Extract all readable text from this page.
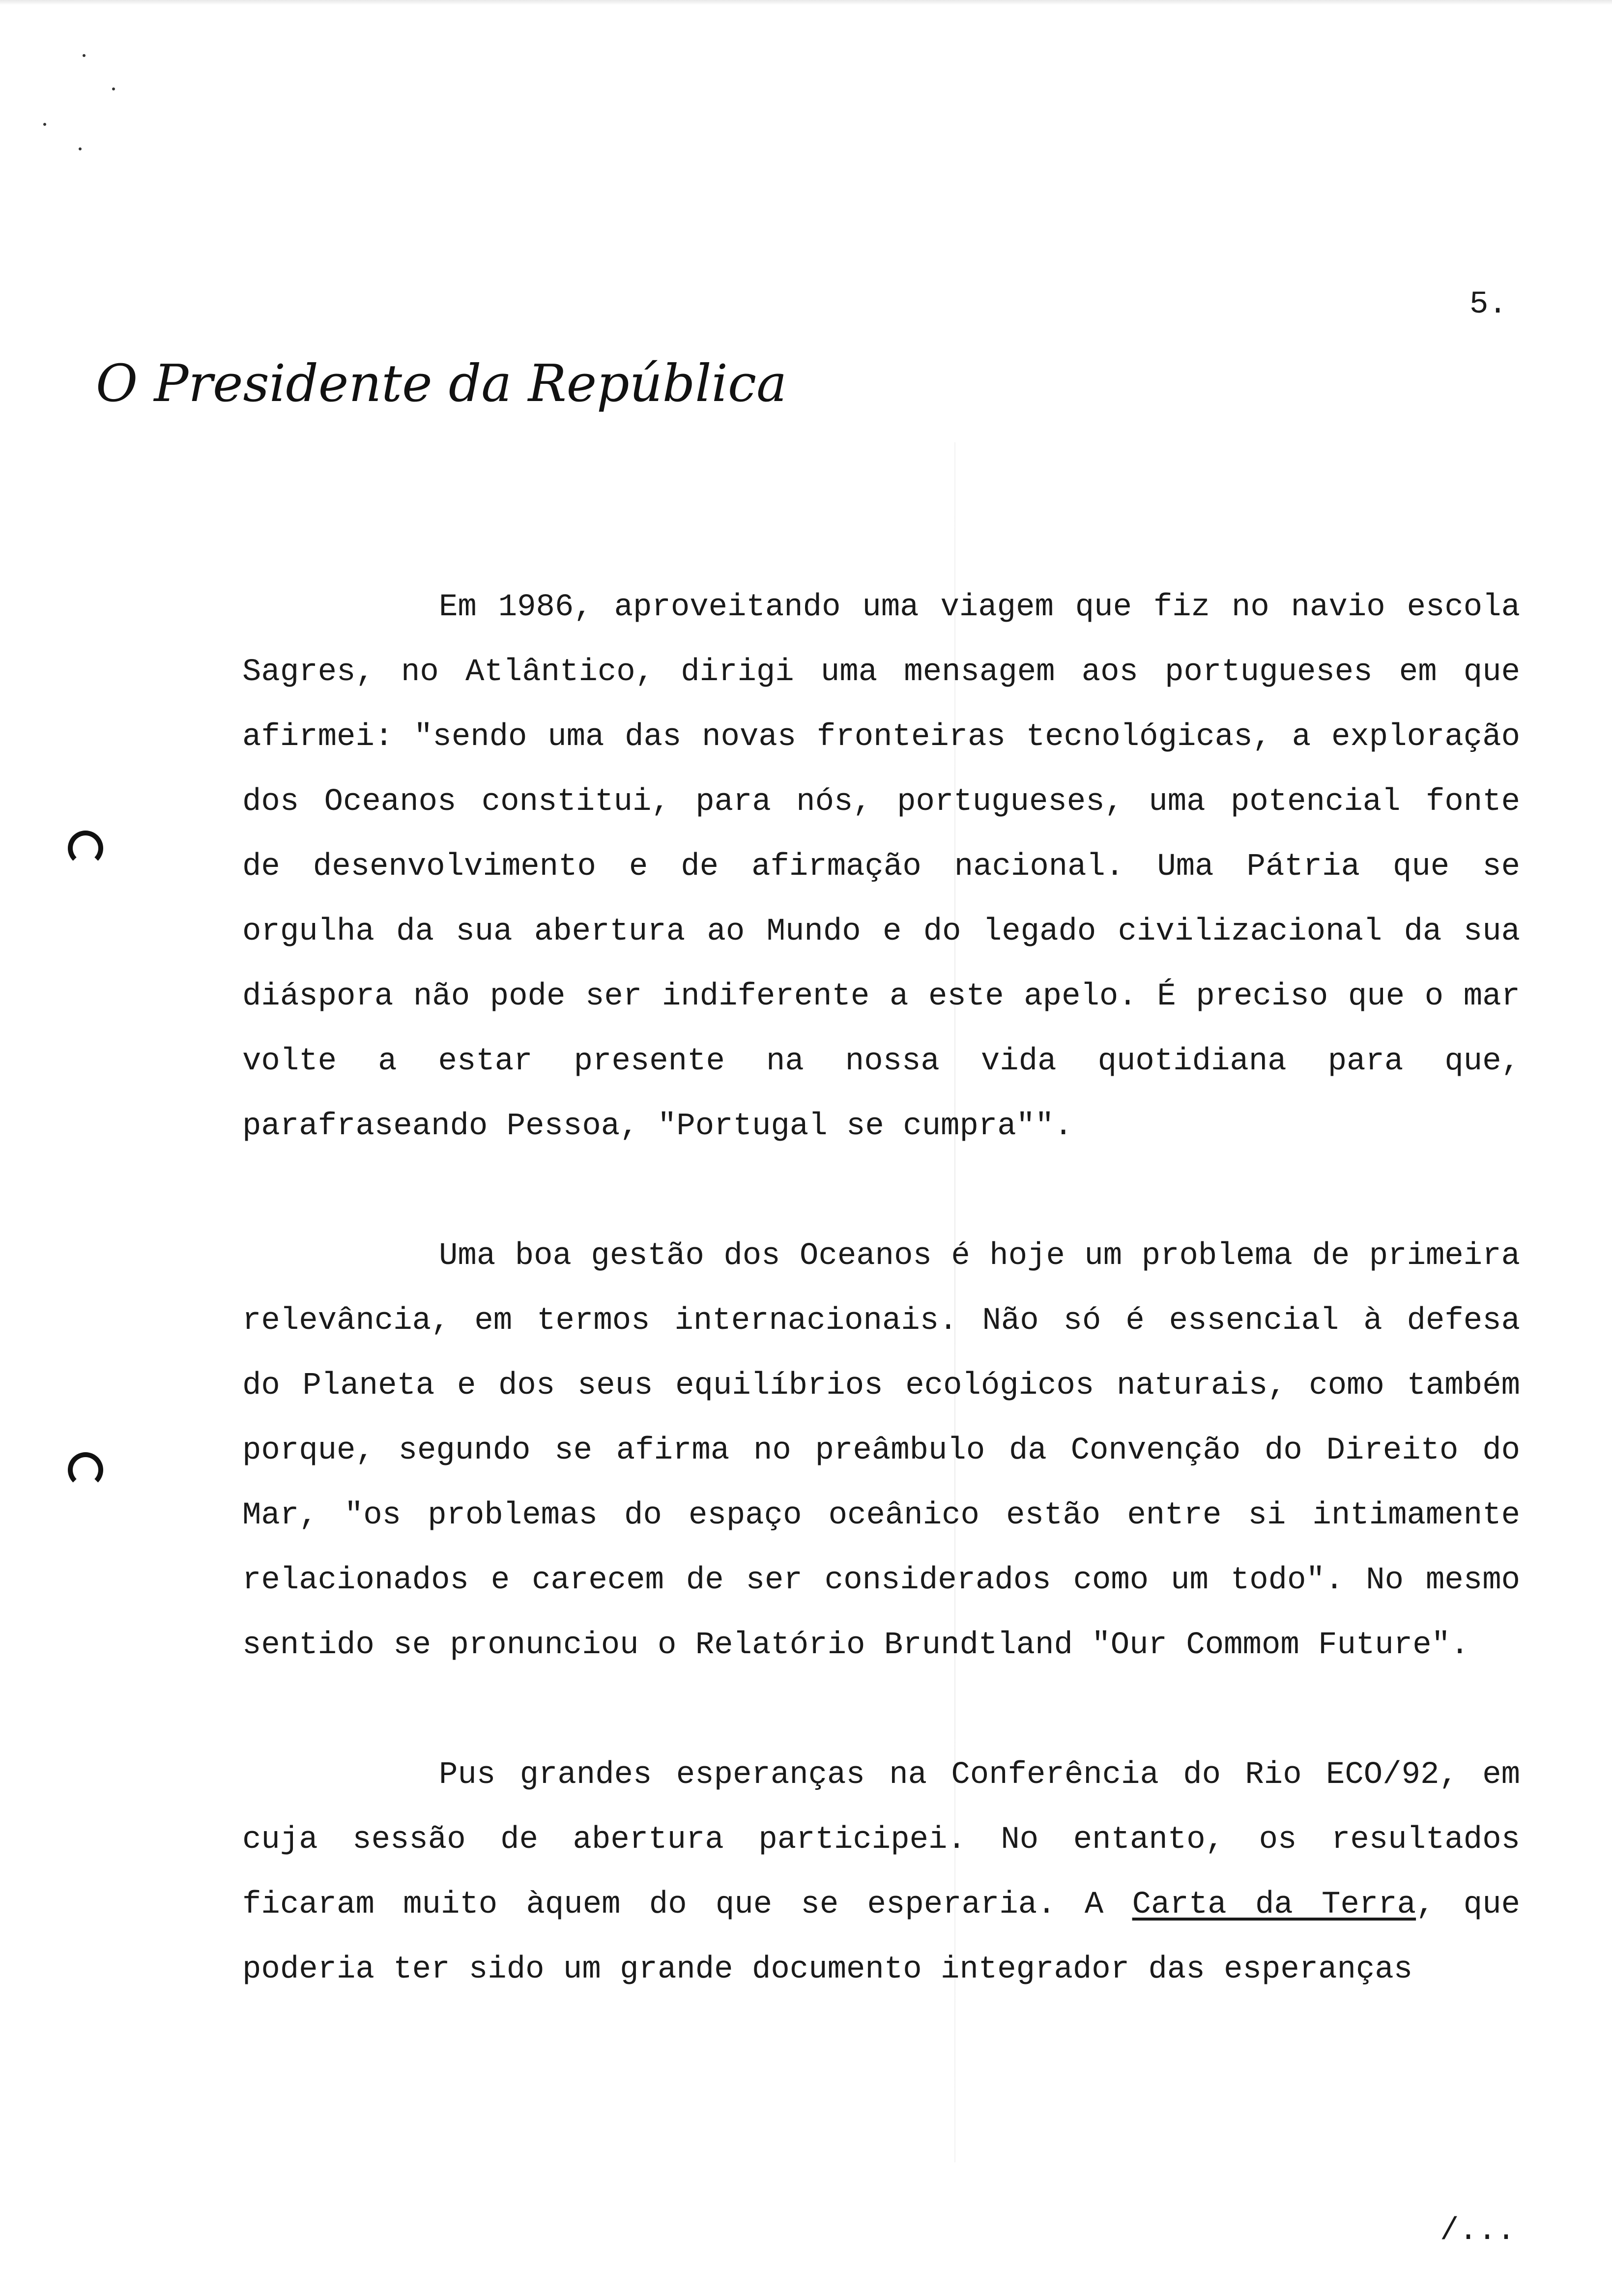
5.
O Presidente da República

Em 1986, aproveitando uma viagem que fiz no navio escola Sagres, no Atlântico, dirigi uma mensagem aos portugueses em que afirmei: "sendo uma das novas fronteiras tecnológicas, a exploração dos Oceanos constitui, para nós, portugueses, uma potencial fonte de desenvolvimento e de afirmação nacional. Uma Pátria que se orgulha da sua abertura ao Mundo e do legado civilizacional da sua diáspora não pode ser indiferente a este apelo. É preciso que o mar volte a estar presente na nossa vida quotidiana para que, parafraseando Pessoa, "Portugal se cumpra"".

Uma boa gestão dos Oceanos é hoje um problema de primeira relevância, em termos internacionais. Não só é essencial à defesa do Planeta e dos seus equilíbrios ecológicos naturais, como também porque, segundo se afirma no preâmbulo da Convenção do Direito do Mar, "os problemas do espaço oceânico estão entre si intimamente relacionados e carecem de ser considerados como um todo". No mesmo sentido se pronunciou o Relatório Brundtland "Our Commom Future".

Pus grandes esperanças na Conferência do Rio ECO/92, em cuja sessão de abertura participei. No entanto, os resultados ficaram muito àquem do que se esperaria. A Carta da Terra, que poderia ter sido um grande documento integrador das esperanças

/...
